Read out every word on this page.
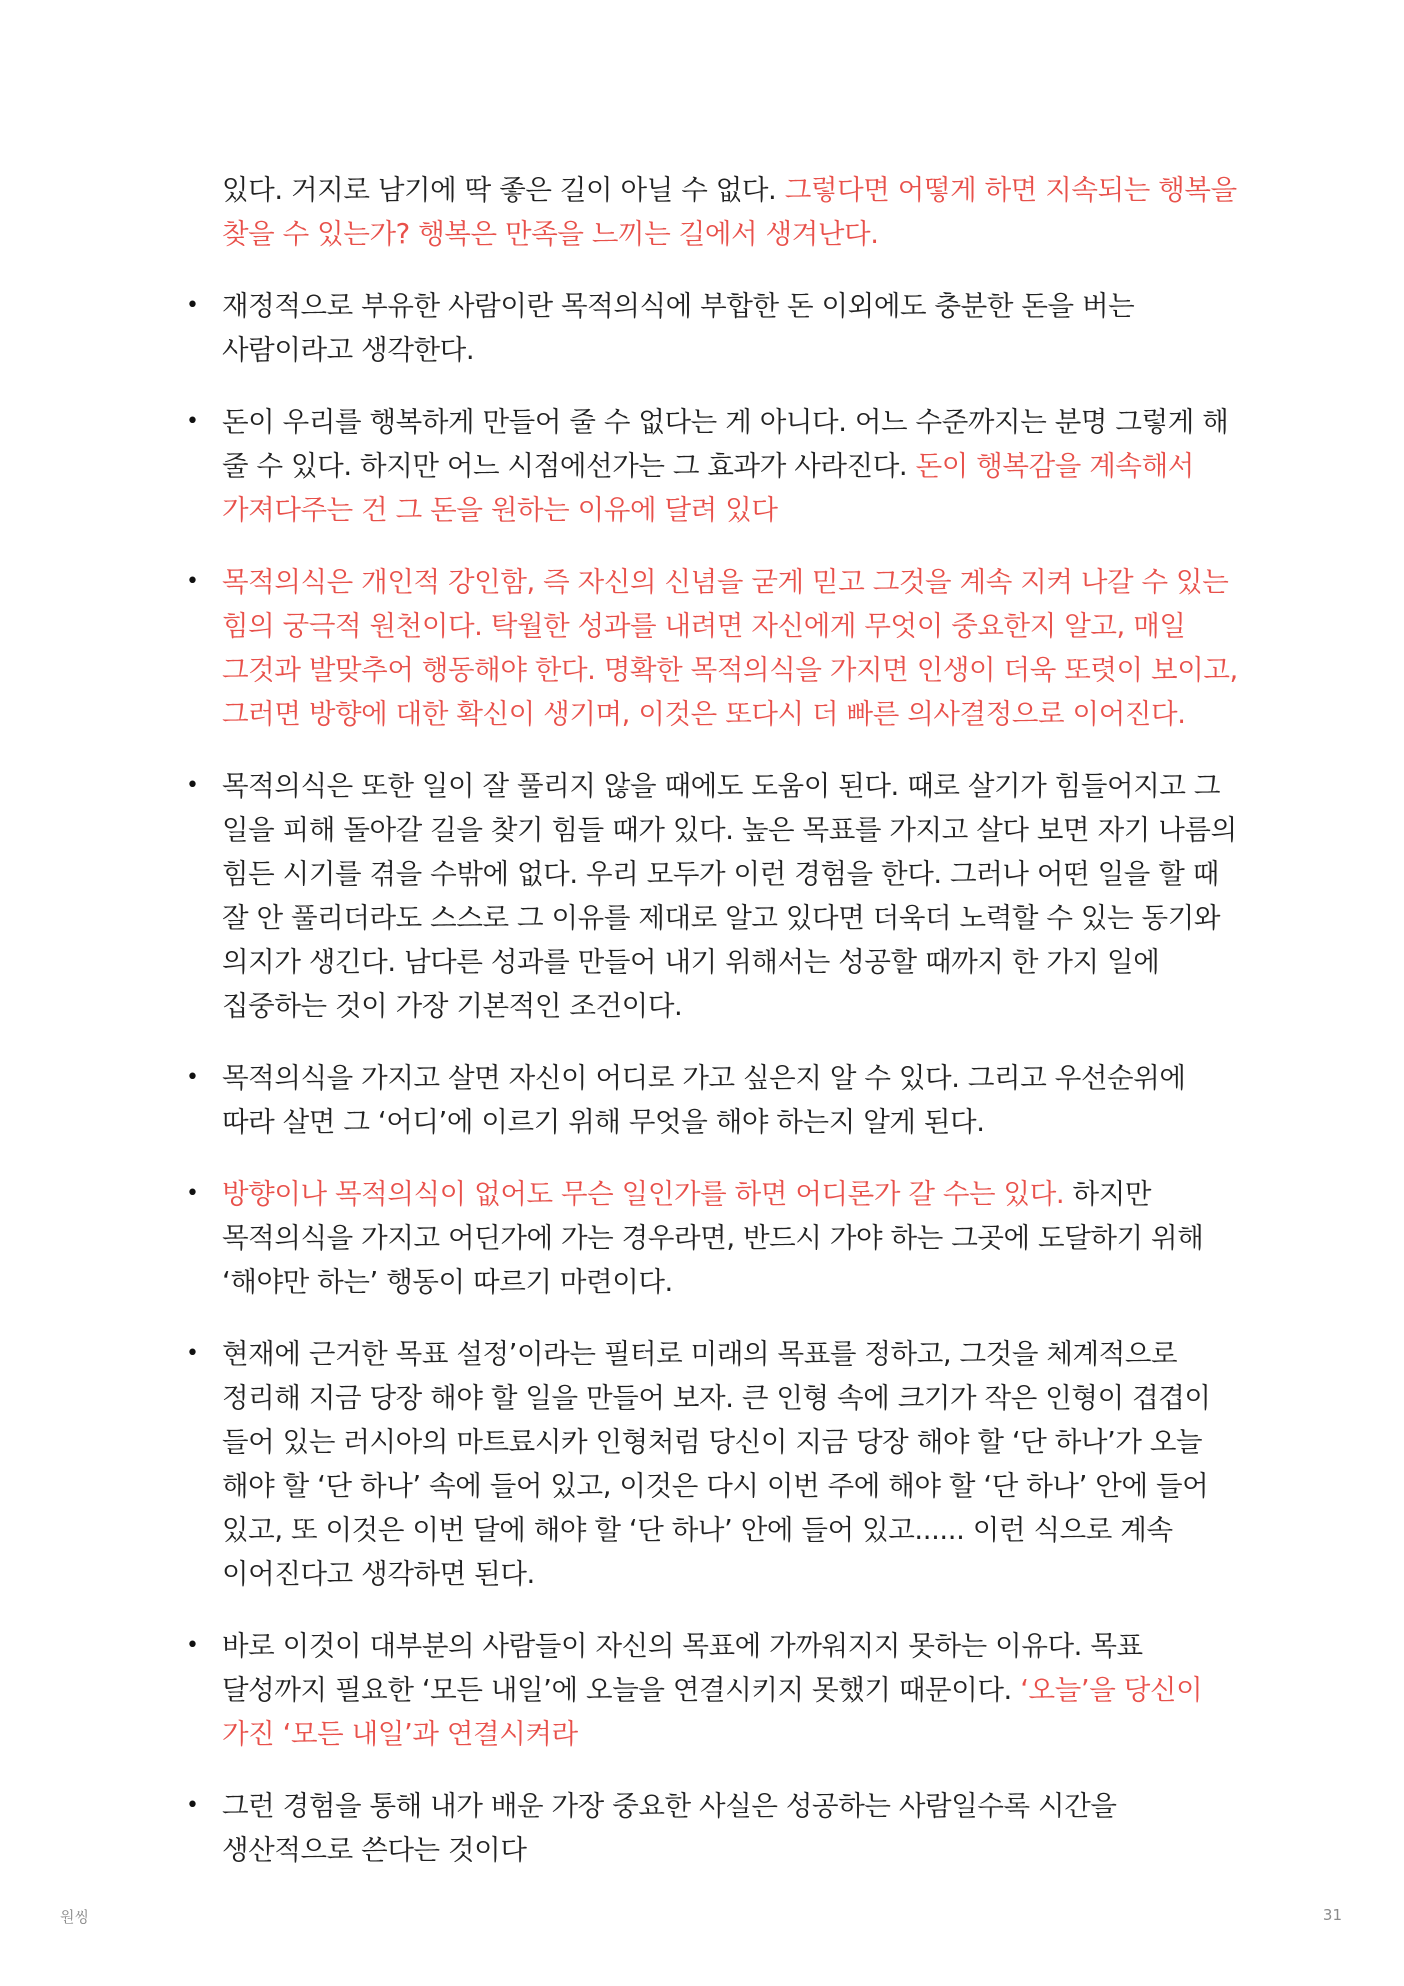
있다. 거지로 남기에 딱 좋은 길이 아닐 수 없다. 그렇다면 어떻게 하면 지속되는 행복을 찾을 수 있는가? 행복은 만족을 느끼는 길에서 생겨난다.
• 재정적으로 부유한 사람이란 목적의식에 부합한 돈 이외에도 충분한 돈을 버는 사람이라고 생각한다.
• 돈이 우리를 행복하게 만들어 줄 수 없다는 게 아니다. 어느 수준까지는 분명 그렇게 해 줄 수 있다. 하지만 어느 시점에선가는 그 효과가 사라진다. 돈이 행복감을 계속해서 가져다주는 건 그 돈을 원하는 이유에 달려 있다
• 목적의식은 개인적 강인함, 즉 자신의 신념을 굳게 믿고 그것을 계속 지켜 나갈 수 있는 힘의 궁극적 원천이다. 탁월한 성과를 내려면 자신에게 무엇이 중요한지 알고, 매일 그것과 발맞추어 행동해야 한다. 명확한 목적의식을 가지면 인생이 더욱 또렷이 보이고, 그러면 방향에 대한 확신이 생기며, 이것은 또다시 더 빠른 의사결정으로 이어진다.
• 목적의식은 또한 일이 잘 풀리지 않을 때에도 도움이 된다. 때로 살기가 힘들어지고 그 일을 피해 돌아갈 길을 찾기 힘들 때가 있다. 높은 목표를 가지고 살다 보면 자기 나름의 힘든 시기를 겪을 수밖에 없다. 우리 모두가 이런 경험을 한다. 그러나 어떤 일을 할 때 잘 안 풀리더라도 스스로 그 이유를 제대로 알고 있다면 더욱더 노력할 수 있는 동기와 의지가 생긴다. 남다른 성과를 만들어 내기 위해서는 성공할 때까지 한 가지 일에 집중하는 것이 가장 기본적인 조건이다.
• 목적의식을 가지고 살면 자신이 어디로 가고 싶은지 알 수 있다. 그리고 우선순위에 따라 살면 그 ‘어디’에 이르기 위해 무엇을 해야 하는지 알게 된다.
• 방향이나 목적의식이 없어도 무슨 일인가를 하면 어디론가 갈 수는 있다. 하지만 목적의식을 가지고 어딘가에 가는 경우라면, 반드시 가야 하는 그곳에 도달하기 위해 ‘해야만 하는’ 행동이 따르기 마련이다.
• 현재에 근거한 목표 설정’이라는 필터로 미래의 목표를 정하고, 그것을 체계적으로 정리해 지금 당장 해야 할 일을 만들어 보자. 큰 인형 속에 크기가 작은 인형이 겹겹이 들어 있는 러시아의 마트료시카 인형처럼 당신이 지금 당장 해야 할 ‘단 하나’가 오늘 해야 할 ‘단 하나’ 속에 들어 있고, 이것은 다시 이번 주에 해야 할 ‘단 하나’ 안에 들어 있고, 또 이것은 이번 달에 해야 할 ‘단 하나’ 안에 들어 있고...... 이런 식으로 계속 이어진다고 생각하면 된다.
• 바로 이것이 대부분의 사람들이 자신의 목표에 가까워지지 못하는 이유다. 목표 달성까지 필요한 ‘모든 내일’에 오늘을 연결시키지 못했기 때문이다. ‘오늘’을 당신이 가진 ‘모든 내일’과 연결시켜라
• 그런 경험을 통해 내가 배운 가장 중요한 사실은 성공하는 사람일수록 시간을 생산적으로 쓴다는 것이다
원씽	31
